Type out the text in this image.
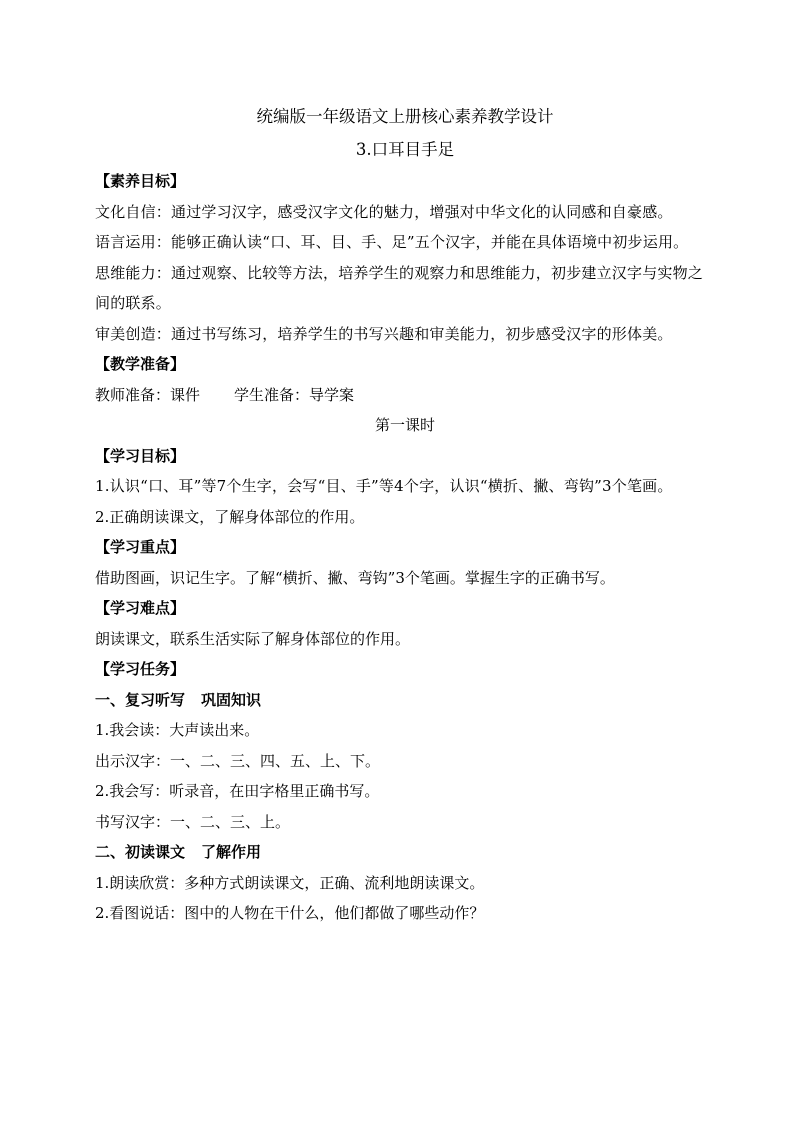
统编版一年级语文上册核心素养教学设计
3.口耳目手足
【素养目标】
文化自信：通过学习汉字，感受汉字文化的魅力，增强对中华文化的认同感和自豪感。
语言运用：能够正确认读“口、耳、目、手、足”五个汉字，并能在具体语境中初步运用。
思维能力：通过观察、比较等方法，培养学生的观察力和思维能力，初步建立汉字与实物之间的联系。
审美创造：通过书写练习，培养学生的书写兴趣和审美能力，初步感受汉字的形体美。
【教学准备】
教师准备：课件 学生准备：导学案
第一课时
【学习目标】
1.认识“口、耳”等7个生字，会写“目、手”等4个字，认识“横折、撇、弯钩”3个笔画。
2.正确朗读课文，了解身体部位的作用。
【学习重点】
借助图画，识记生字。了解“横折、撇、弯钩”3个笔画。掌握生字的正确书写。
【学习难点】
朗读课文，联系生活实际了解身体部位的作用。
【学习任务】
一、复习听写 巩固知识
1.我会读：大声读出来。
出示汉字：一、二、三、四、五、上、下。
2.我会写：听录音，在田字格里正确书写。
书写汉字：一、二、三、上。
二、初读课文 了解作用
1.朗读欣赏：多种方式朗读课文，正确、流利地朗读课文。
2.看图说话：图中的人物在干什么，他们都做了哪些动作？
